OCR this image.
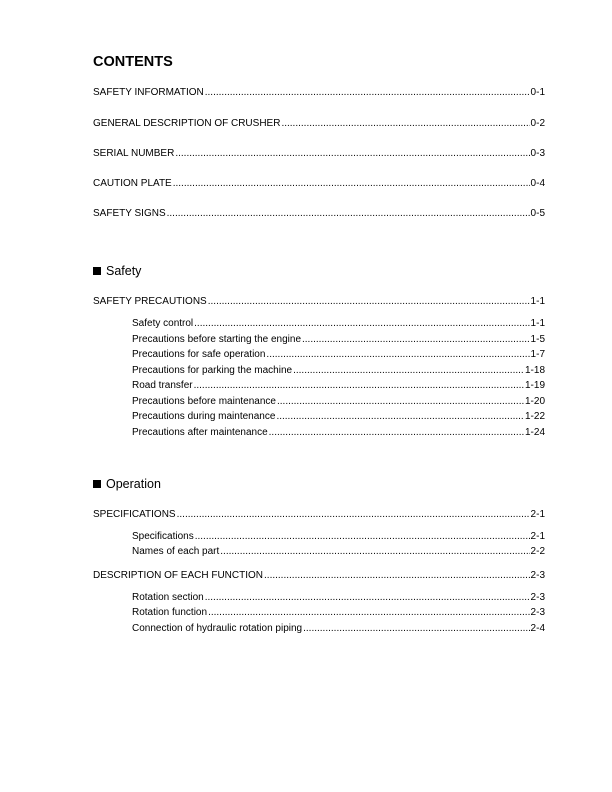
CONTENTS
SAFETY INFORMATION .....	0-1
GENERAL DESCRIPTION OF CRUSHER .....	0-2
SERIAL NUMBER .....	0-3
CAUTION PLATE .....	0-4
SAFETY SIGNS .....	0-5
Safety
SAFETY PRECAUTIONS .....	1-1
Safety control .....	1-1
Precautions before starting the engine .....	1-5
Precautions for safe operation .....	1-7
Precautions for parking the machine .....	1-18
Road transfer .....	1-19
Precautions before maintenance .....	1-20
Precautions during maintenance .....	1-22
Precautions after maintenance .....	1-24
Operation
SPECIFICATIONS .....	2-1
Specifications .....	2-1
Names of each part .....	2-2
DESCRIPTION OF EACH FUNCTION .....	2-3
Rotation section .....	2-3
Rotation function .....	2-3
Connection of hydraulic rotation piping .....	2-4
